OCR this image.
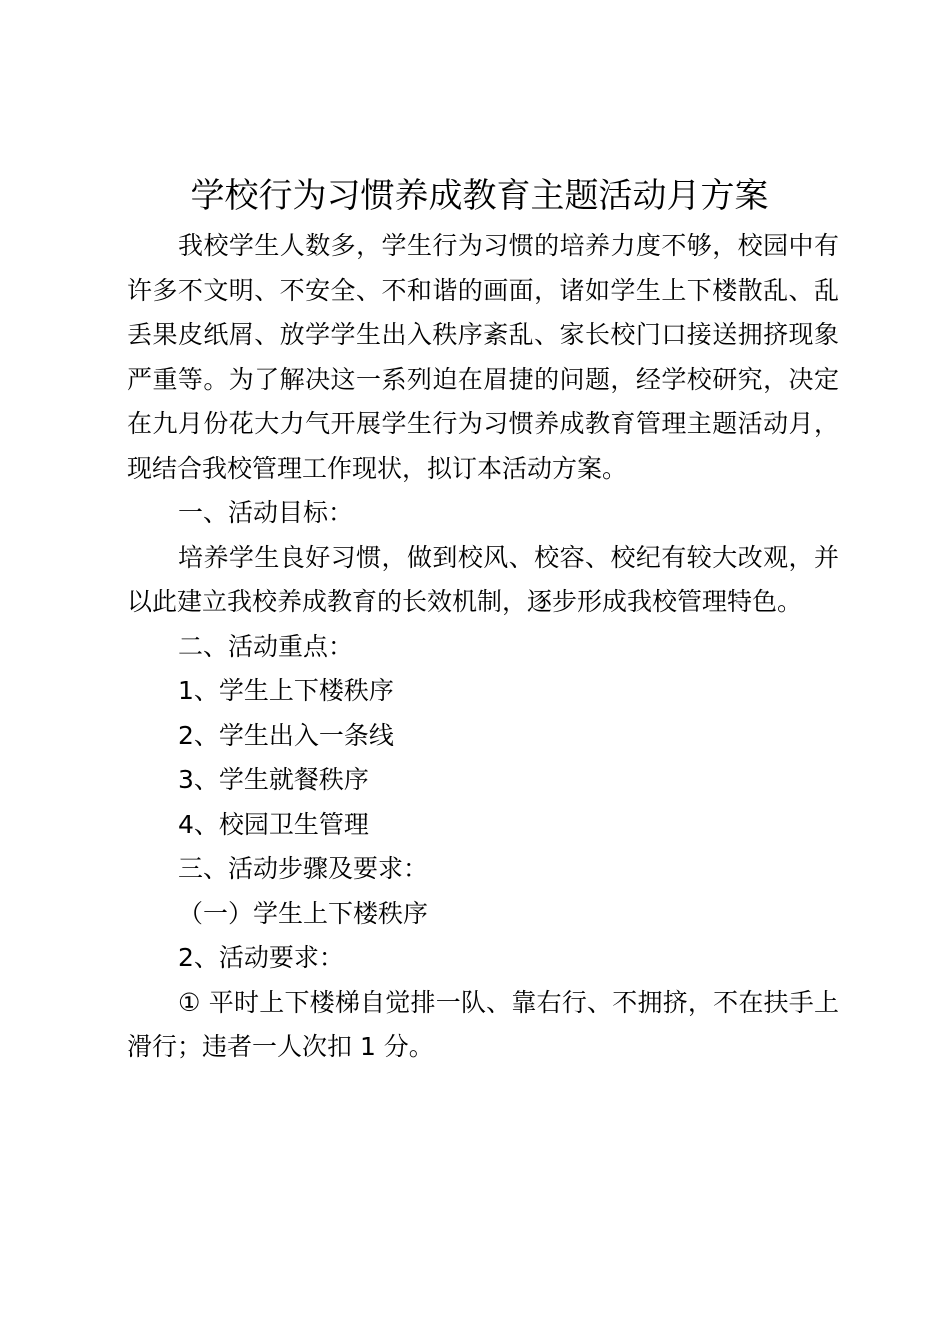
学校行为习惯养成教育主题活动月方案

我校学生人数多，学生行为习惯的培养力度不够，校园中有许多不文明、不安全、不和谐的画面，诸如学生上下楼散乱、乱丢果皮纸屑、放学学生出入秩序紊乱、家长校门口接送拥挤现象严重等。为了解决这一系列迫在眉捷的问题，经学校研究，决定在九月份花大力气开展学生行为习惯养成教育管理主题活动月，现结合我校管理工作现状，拟订本活动方案。

一、活动目标：

培养学生良好习惯，做到校风、校容、校纪有较大改观，并以此建立我校养成教育的长效机制，逐步形成我校管理特色。

二、活动重点：

1、学生上下楼秩序

2、学生出入一条线

3、学生就餐秩序

4、校园卫生管理

三、活动步骤及要求：

（一）学生上下楼秩序

2、活动要求：

① 平时上下楼梯自觉排一队、靠右行、不拥挤，不在扶手上滑行；违者一人次扣 1 分。
